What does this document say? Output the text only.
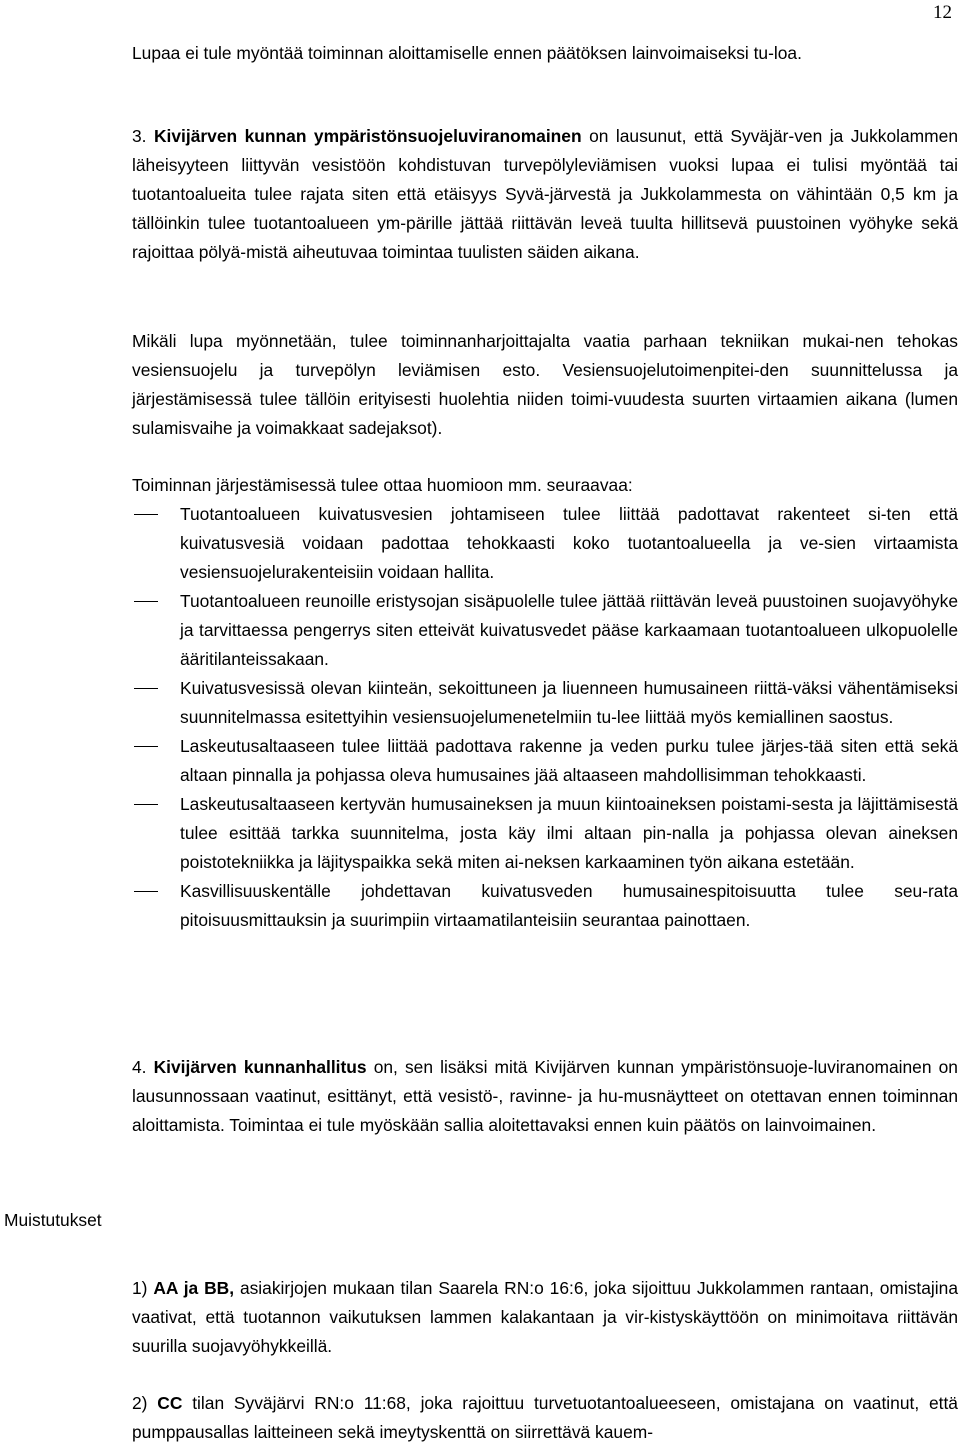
12

Lupaa ei tule myöntää toiminnan aloittamiselle ennen päätöksen lainvoimaiseksi tu-loa.

3. Kivijärven kunnan ympäristönsuojeluviranomainen on lausunut, että Syväjär-ven ja Jukkolammen läheisyyteen liittyvän vesistöön kohdistuvan turvepölyleviämisen vuoksi lupaa ei tulisi myöntää tai tuotantoalueita tulee rajata siten että etäisyys Syvä-järvestä ja Jukkolammesta on vähintään 0,5 km ja tällöinkin tulee tuotantoalueen ym-pärille jättää riittävän leveä tuulta hillitsevä puustoinen vyöhyke sekä rajoittaa pölyä-mistä aiheutuvaa toimintaa tuulisten säiden aikana.

Mikäli lupa myönnetään, tulee toiminnanharjoittajalta vaatia parhaan tekniikan mukai-nen tehokas vesiensuojelu ja turvepölyn leviämisen esto. Vesiensuojelutoimenpitei-den suunnittelussa ja järjestämisessä tulee tällöin erityisesti huolehtia niiden toimi-vuudesta suurten virtaamien aikana (lumen sulamisvaihe ja voimakkaat sadejaksot).

Toiminnan järjestämisessä tulee ottaa huomioon mm. seuraavaa:

Tuotantoalueen kuivatusvesien johtamiseen tulee liittää padottavat rakenteet si-ten että kuivatusvesiä voidaan padottaa tehokkaasti koko tuotantoalueella ja ve-sien virtaamista vesiensuojelurakenteisiin voidaan hallita.
Tuotantoalueen reunoille eristysojan sisäpuolelle tulee jättää riittävän leveä puustoinen suojavyöhyke ja tarvittaessa pengerrys siten etteivät kuivatusvedet pääse karkaamaan tuotantoalueen ulkopuolelle ääritilanteissakaan.
Kuivatusvesissä olevan kiinteän, sekoittuneen ja liuenneen humusaineen riittä-väksi vähentämiseksi suunnitelmassa esitettyihin vesiensuojelumenetelmiin tu-lee liittää myös kemiallinen saostus.
Laskeutusaltaaseen tulee liittää padottava rakenne ja veden purku tulee järjes-tää siten että sekä altaan pinnalla ja pohjassa oleva humusaines jää altaaseen mahdollisimman tehokkaasti.
Laskeutusaltaaseen kertyvän humusaineksen ja muun kiintoaineksen poistami-sesta ja läjittämisestä tulee esittää tarkka suunnitelma, josta käy ilmi altaan pin-nalla ja pohjassa olevan aineksen poistotekniikka ja läjityspaikka sekä miten ai-neksen karkaaminen työn aikana estetään.
Kasvillisuuskentälle johdettavan kuivatusveden humusainespitoisuutta tulee seu-rata pitoisuusmittauksin ja suurimpiin virtaamatilanteisiin seurantaa painottaen.

4. Kivijärven kunnanhallitus on, sen lisäksi mitä Kivijärven kunnan ympäristönsuoje-luviranomainen on lausunnossaan vaatinut, esittänyt, että vesistö-, ravinne- ja hu-musnäytteet on otettavan ennen toiminnan aloittamista. Toimintaa ei tule myöskään sallia aloitettavaksi ennen kuin päätös on lainvoimainen.

Muistutukset

1) AA ja BB, asiakirjojen mukaan tilan Saarela RN:o 16:6, joka sijoittuu Jukkolammen rantaan, omistajina vaativat, että tuotannon vaikutuksen lammen kalakantaan ja vir-kistyskäyttöön on minimoitava riittävän suurilla suojavyöhykkeillä.

2) CC tilan Syväjärvi RN:o 11:68, joka rajoittuu turvetuotantoalueeseen, omistajana on vaatinut, että pumppausallas laitteineen sekä imeytyskenttä on siirrettävä kauem-
